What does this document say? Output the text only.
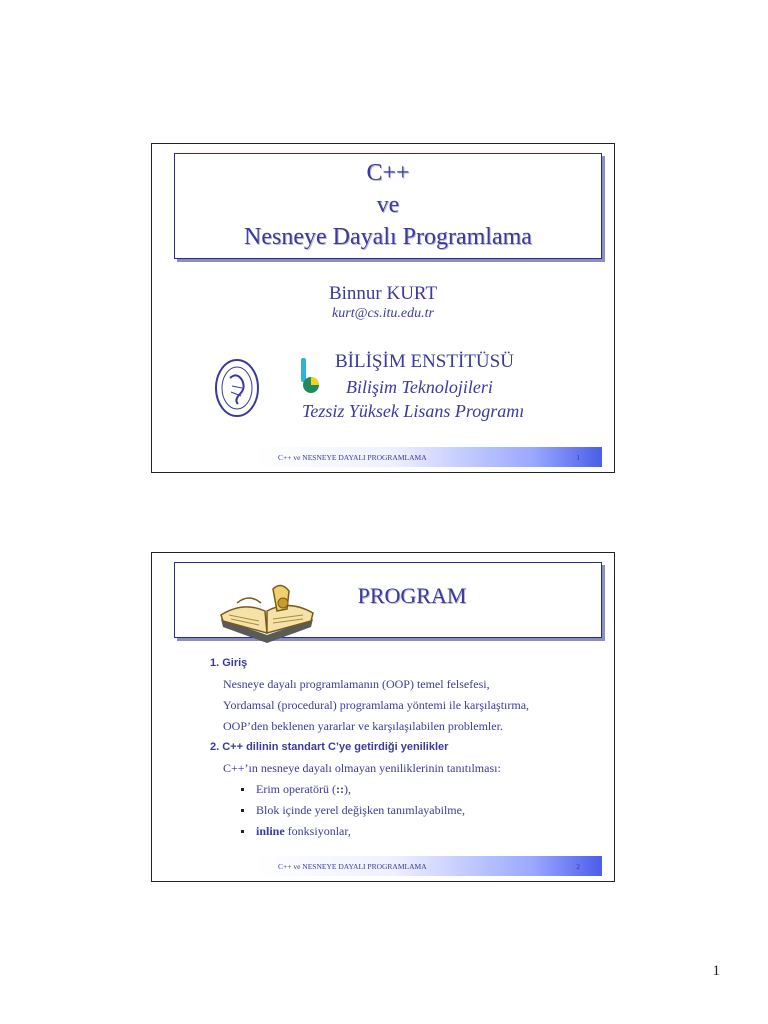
C++
ve
Nesneye Dayalı Programlama
Binnur KURT
kurt@cs.itu.edu.tr
BİLİŞİM ENSTİTÜSÜ
Bilişim Teknolojileri
Tezsiz Yüksek Lisans Programı
C++ ve NESNEYE DAYALI PROGRAMLAMA	1
PROGRAM
1. Giriş
Nesneye dayalı programlamanın (OOP) temel felsefesi,
Yordamsal (procedural) programlama yöntemi ile karşılaştırma,
OOP’den beklenen yararlar ve karşılaşılabilen problemler.
2. C++ dilinin standart C’ye getirdiği yenilikler
C++’ın nesneye dayalı olmayan yeniliklerinin tanıtılması:
Erim operatörü (::),
Blok içinde yerel değişken tanımlayabilme,
inline fonksiyonlar,
C++ ve NESNEYE DAYALI PROGRAMLAMA	2
1
